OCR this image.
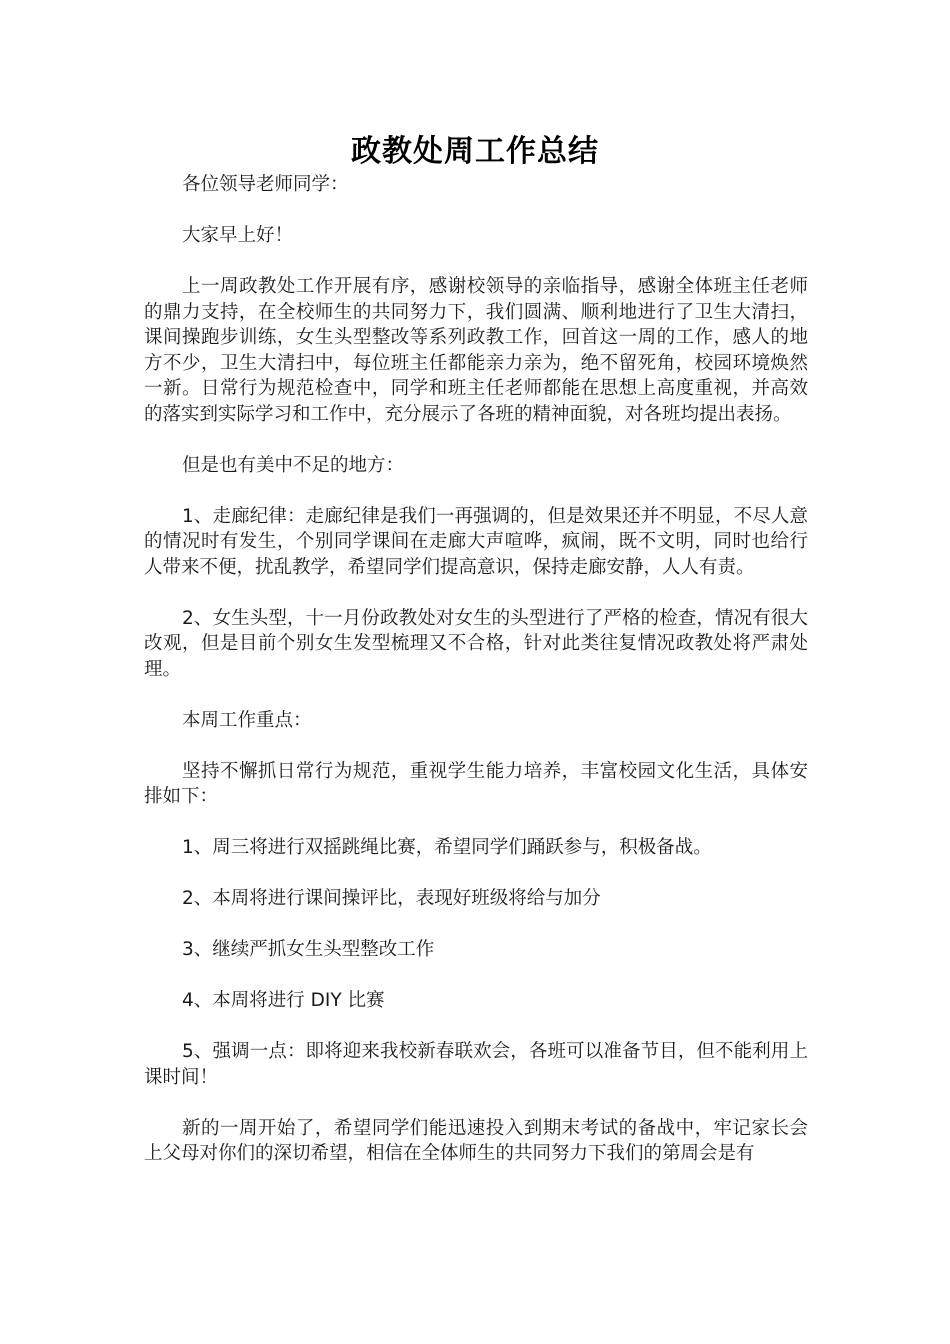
政教处周工作总结

各位领导老师同学：

大家早上好！

上一周政教处工作开展有序，感谢校领导的亲临指导，感谢全体班主任老师的鼎力支持，在全校师生的共同努力下，我们圆满、顺利地进行了卫生大清扫，课间操跑步训练，女生头型整改等系列政教工作，回首这一周的工作，感人的地方不少，卫生大清扫中，每位班主任都能亲力亲为，绝不留死角，校园环境焕然一新。日常行为规范检查中，同学和班主任老师都能在思想上高度重视，并高效的落实到实际学习和工作中，充分展示了各班的精神面貌，对各班均提出表扬。

但是也有美中不足的地方：

1、走廊纪律：走廊纪律是我们一再强调的，但是效果还并不明显，不尽人意的情况时有发生，个别同学课间在走廊大声喧哗，疯闹，既不文明，同时也给行人带来不便，扰乱教学，希望同学们提高意识，保持走廊安静，人人有责。

2、女生头型，十一月份政教处对女生的头型进行了严格的检查，情况有很大改观，但是目前个别女生发型梳理又不合格，针对此类往复情况政教处将严肃处理。

本周工作重点：

坚持不懈抓日常行为规范，重视学生能力培养，丰富校园文化生活，具体安排如下：

1、周三将进行双摇跳绳比赛，希望同学们踊跃参与，积极备战。

2、本周将进行课间操评比，表现好班级将给与加分

3、继续严抓女生头型整改工作

4、本周将进行 DIY 比赛

5、强调一点：即将迎来我校新春联欢会，各班可以准备节目，但不能利用上课时间！

新的一周开始了，希望同学们能迅速投入到期末考试的备战中，牢记家长会上父母对你们的深切希望，相信在全体师生的共同努力下我们的第周会是有
